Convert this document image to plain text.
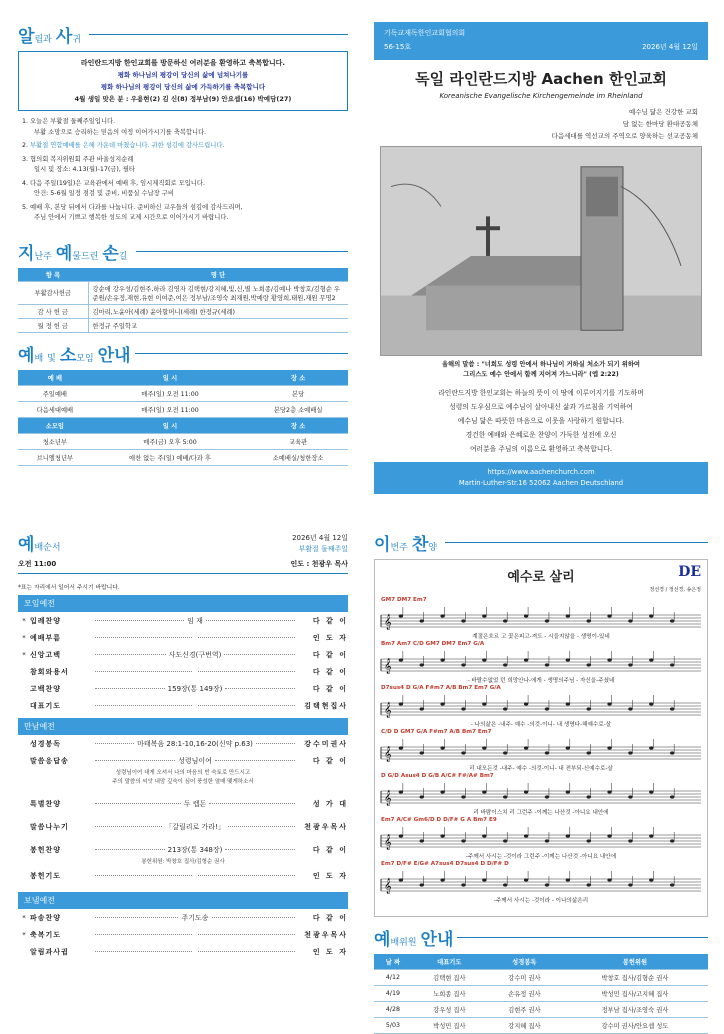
알 림과 사 귀
라인란드지방 한인교회를 방문하신 여러분을 환영하고 축복합니다.
평화 하나님의 평강이 당신의 삶에 넘쳐나기를
평화 하나님의 평강이 당신의 삶에 가득하기를 축복합니다
4월 생일 맞은 분 : 우용현(2) 김 신(8) 정부남(9) 안요셉(16) 박예담(27)
1. 오늘은 부활절 둘째주일입니다.
부활 소망으로 승리하는 믿음의 여정 이어가시기를 축복합니다.
2. 부활절 연합예배를 은혜 가운데 마쳤습니다. 귀한 섬김에 감사드립니다.
3. 협의회 복지위원회 주관 바울성지순례
일시 및 장소: 4.13(월)-17(금), 필타
4. 다음 주일(19일)은 교육관에서 예배 후, 임시제직회로 모입니다.
안건: 5-6월 일정 점검 및 준비, 비품실 수납장 구비
5. 예배 후, 본당 뒤에서 다과를 나눕니다. 준비하신 교우들의 섬김에 감사드리며,
주님 안에서 기쁘고 행복한 성도의 교제 시간으로 이어가시기 바랍니다.
지 난주 예 물드린 손 길
항 목	명 단
부활감사헌금	강순애 강우성/김현주,하라 김영자 김택현/강지혜,빛,신,별 노희종/김예나 박창호/김형순 우준원/손유정,재현,유현 이여준,여은 정부남/조영숙 최재원,박예랑 황영희,태원,재원 무명2
감 사 헌 금	김마리,노윤아(세례) 윤아할머니(세례) 한정규(세례)
월 정 헌 금	한정규 주일학교
예 배 및 소 모임 안내
예 배	일 시	장 소
주일예배	매주(일) 오전 11:00	본당
다음세대예배	매주(일) 오전 11:00	본당2층 소예배실
소모임	일 시	장 소
청소년부	매주(금) 오후 5:00	교육관
브니엘청년부	애찬 없는 주(일) 예배/다과 후	소예배실/청한장소
기독교재독한인교회협의회
56-15호	2026년 4월 12일
독일 라인란드지방 Aachen 한인교회
Koreanische Evangelische Kirchengemeinde im Rheinland
예수님 닮은 건강한 교회
담 없는 한마당 환대공동체
다음세대를 역선교의 주역으로 양육하는 선교공동체
올해의 말씀 : "너희도 성령 안에서 하나님이 거하실 처소가 되기 위하여
그리스도 예수 안에서 함께 지어져 가느니라" (엡 2:22)
라인란드지방 한인교회는 하늘의 뜻이 이 땅에 이루어지기를 기도하며
성령의 도우심으로 예수님이 살아내신 삶과 가르침을 기억하여
예수님 닮은 따뜻한 마음으로 이웃을 사랑하기 원합니다.
경건한 예배와 은혜로운 찬양이 가득한 성전에 오신
여러분을 주님의 이름으로 환영하고 축복합니다.
https://www.aachenchurch.com
Martin-Luther-Str.16 52062 Aachen Deutschland
예 배순서
2026년 4월 12일
부활절 둘째주일
오전 11:00	인도 : 천광우 목사
*표는 자리에서 일어서 주시기 바랍니다.
모임예전
* 입례찬양	임 재	다 같 이
* 예배부름	인 도 자
* 신앙고백	사도신경(구번역)	다 같 이
참회와용서	다 같 이
고백찬양	159장(통 149장)	다 같 이
대표기도	김택현집사
만남예전
성경봉독	마태복음 28:1-10,16-20(신약 p.63)	강수미권사
말씀응답송	성령님이여	다 같 이
성령님이여 내게 오셔서 나의 마음의 빈 숙토로 만드시고
주의 말씀의 씨앗 내맘 깊숙이 심어 풍성한 열매 맺게하소서
특별찬양	두 렙돈	성 가 대
말씀나누기	「갈릴리로 가라!」	천광우목사
봉헌찬양	213장(통 348장)	다 같 이
봉헌위원: 박창호 집사/김형순 권사
봉헌기도	인 도 자
보냄예전
* 파송찬양	주기도송	다 같 이
* 축복기도	천광우목사
알림과사귐	인 도 자
이 번주 찬 양
예수로 살리	DE
정선경 / 정선경, 송은정
GM7 DM7 Em7
𝄞
계절은흐르 고 꽃은피고-져도 - 시들지않을 - 생명이-있네
Bm7 Am7 C/D GM7 DM7 Em7 G/A
𝄞
- 바랄수없었 던 희망안나-에게 - 생명의주님 - 자신을-주셨네
D7sus4 D G/A F#m7 A/B Bm7 Em7 G/A
𝄞
- 나의삶은 -내주- 예수 -의것-이니- 내 생명다-해예수로-살
C/D D GM7 G/A F#m7 A/B Bm7 Em7
𝄞
리 내모든것 -내주- 예수 -의것-이니- 내 전부되-신예수로-살
D G/D Asus4 D G/B A/C# F#/A# Bm7
𝄞
리 바람이스치 리 그런주 -이께는 나산것 -아니요 내안에
Em7 A/C# Gm6/D D D/F# G A Bm7 E9
𝄞
-주께서 사시는 -것이라 그런주 -이께는 나산것 -아니요 내안에
Em7 D/F# E/G# A7sus4 D7sus4 D D/F# D
𝄞
-주께서 사시는 -것이라 - 이나의삶은리
예 배위원 안내
날 짜	대표기도	성경봉독	봉헌위원
4/12	김택현 집사	강수미 권사	박창호 집사/김형순 권사
4/19	노희종 집사	손유정 권사	박성민 집사/고지혜 집사
4/28	강우성 집사	김현주 권사	정부남 집사/조영숙 권사
5/03	박성민 집사	강지혜 집사	강수미 권사/안요셉 성도
